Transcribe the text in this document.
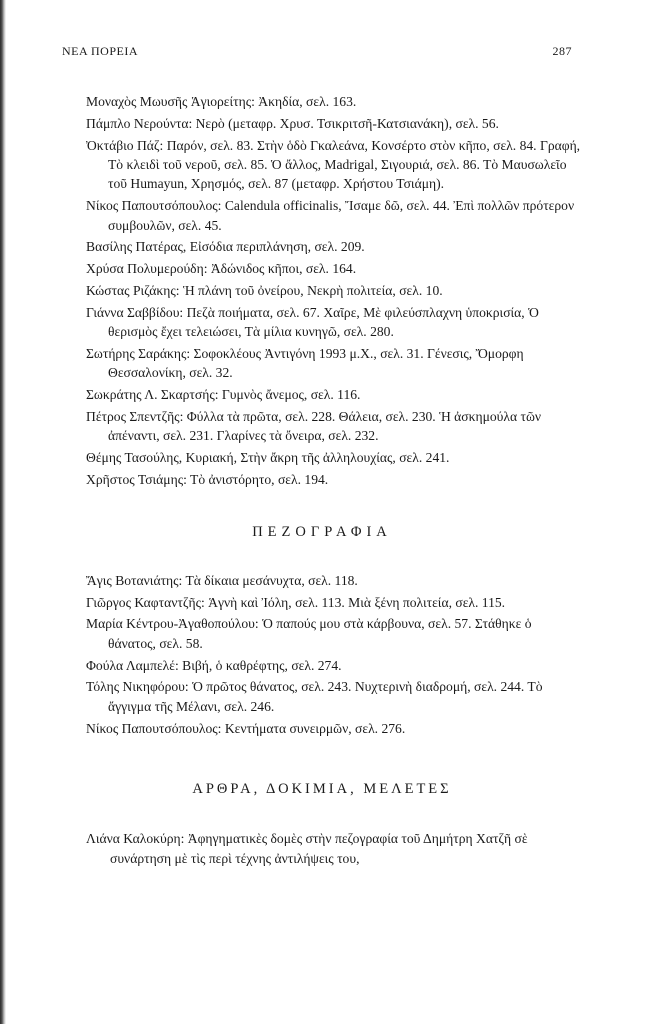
ΝΕΑ ΠΟΡΕΙΑ	287

Μοναχὸς Μωυσῆς Ἁγιορείτης: Ἀκηδία, σελ. 163.

Πάμπλο Νερούντα: Νερὸ (μεταφρ. Χρυσ. Τσικριτσῆ-Κατσιανάκη), σελ. 56.

Ὀκτάβιο Πάζ: Παρόν, σελ. 83. Στὴν ὁδὸ Γκαλεάνα, Κονσέρτο στὸν κῆπο, σελ. 84. Γραφή, Τὸ κλειδὶ τοῦ νεροῦ, σελ. 85. Ὁ ἄλλος, Madrigal, Σιγουριά, σελ. 86. Τὸ Μαυσωλεῖο τοῦ Humayun, Χρησμός, σελ. 87 (μεταφρ. Χρήστου Τσιάμη).

Νίκος Παπουτσόπουλος: Calendula officinalis, Ἴσαμε δῶ, σελ. 44. Ἐπὶ πολλῶν πρότερον συμβουλῶν, σελ. 45.

Βασίλης Πατέρας, Εἰσόδια περιπλάνηση, σελ. 209.

Χρύσα Πολυμερούδη: Ἀδώνιδος κῆποι, σελ. 164.

Κώστας Ριζάκης: Ἡ πλάνη τοῦ ὀνείρου, Νεκρὴ πολιτεία, σελ. 10.

Γιάννα Σαββίδου: Πεζὰ ποιήματα, σελ. 67. Χαῖρε, Μὲ φιλεύσπλαχνη ὑποκρισία, Ὁ θερισμὸς ἔχει τελειώσει, Τὰ μίλια κυνηγῶ, σελ. 280.

Σωτήρης Σαράκης: Σοφοκλέους Ἀντιγόνη 1993 μ.Χ., σελ. 31. Γένεσις, Ὄμορφη Θεσσαλονίκη, σελ. 32.

Σωκράτης Λ. Σκαρτσής: Γυμνὸς ἄνεμος, σελ. 116.

Πέτρος Σπεντζῆς: Φύλλα τὰ πρῶτα, σελ. 228. Θάλεια, σελ. 230. Ἡ ἀσκημούλα τῶν ἀπέναντι, σελ. 231. Γλαρίνες τὰ ὄνειρα, σελ. 232.

Θέμης Τασούλης, Κυριακή, Στὴν ἄκρη τῆς ἀλληλουχίας, σελ. 241.

Χρῆστος Τσιάμης: Τὸ ἀνιστόρητο, σελ. 194.

ΠΕΖΟΓΡΑΦΙΑ

Ἄγις Βοτανιάτης: Τὰ δίκαια μεσάνυχτα, σελ. 118.

Γιῶργος Καφταντζῆς: Ἁγνὴ καὶ Ἰόλη, σελ. 113. Μιὰ ξένη πολιτεία, σελ. 115.

Μαρία Κέντρου-Ἀγαθοπούλου: Ὁ παπούς μου στὰ κάρβουνα, σελ. 57. Στάθηκε ὁ θάνατος, σελ. 58.

Φούλα Λαμπελέ: Βιβή, ὁ καθρέφτης, σελ. 274.

Τόλης Νικηφόρου: Ὁ πρῶτος θάνατος, σελ. 243. Νυχτερινὴ διαδρομή, σελ. 244. Τὸ ἄγγιγμα τῆς Μέλανι, σελ. 246.

Νίκος Παπουτσόπουλος: Κεντήματα συνειρμῶν, σελ. 276.

ΑΡΘΡΑ, ΔΟΚΙΜΙΑ, ΜΕΛΕΤΕΣ

Λιάνα Καλοκύρη: Ἀφηγηματικὲς δομὲς στὴν πεζογραφία τοῦ Δημήτρη Χατζῆ σὲ συνάρτηση μὲ τὶς περὶ τέχνης ἀντιλήψεις του,
